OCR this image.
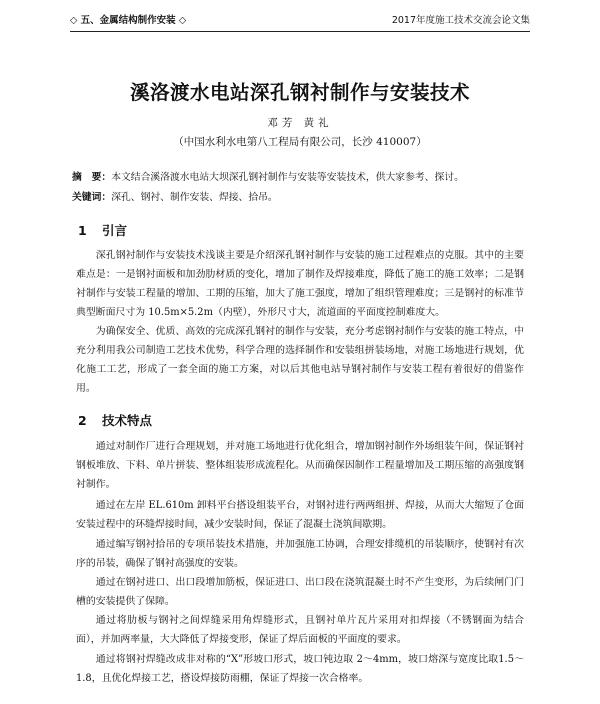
◇ 五、金属结构制作安装 ◇	2017年度施工技术交流会论文集
溪洛渡水电站深孔钢衬制作与安装技术
邓芳 黄礼
（中国水利水电第八工程局有限公司，长沙 410007）
摘　要：本文结合溪洛渡水电站大坝深孔钢衬制作与安装等安装技术，供大家参考、探讨。
关键词：深孔、钢衬、制作安装、焊接、拾吊。
1 引言

深孔钢衬制作与安装技术浅谈主要是介绍深孔钢衬制作与安装的施工过程难点的克服。其中的主要难点是：一是钢衬面板和加劲肋材质的变化，增加了制作及焊接难度，降低了施工的施工效率；二是钢衬制作与安装工程量的增加、工期的压缩，加大了施工强度，增加了组织管理难度；三是钢衬的标准节典型断面尺寸为 10.5m×5.2m（内壁），外形尺寸大，流道面的平面度控制难度大。

为确保安全、优质、高效的完成深孔钢衬的制作与安装，充分考虑钢衬制作与安装的施工特点，中充分利用我公司制造工艺技术优势，科学合理的选择制作和安装组拼装场地，对施工场地进行规划，优化施工工艺，形成了一套全面的施工方案，对以后其他电站导钢衬制作与安装工程有着很好的借鉴作用。

2 技术特点

通过对制作厂进行合理规划，并对施工场地进行优化组合，增加钢衬制作外场组装午间，保证钢衬钢板堆放、下料、单片拼装、整体组装形成流程化。从而确保因制作工程量增加及工期压缩的高强度钢衬制作。

通过在左岸 EL.610m 卸料平台搭设组装平台，对钢衬进行两两组拼、焊接，从而大大缩短了仓面安装过程中的环缝焊接时间，减少安装时间，保证了混凝土浇筑间歇期。

通过编写钢衬拾吊的专项吊装技术措施，并加强施工协调，合理安排缆机的吊装顺序，使钢衬有次序的吊装，确保了钢衬高强度的安装。

通过在钢衬进口、出口段增加筋板，保证进口、出口段在浇筑混凝土时不产生变形，为后续闸门门槽的安装提供了保障。

通过将肋板与钢衬之间焊缝采用角焊缝形式，且钢衬单片瓦片采用对扣焊接（不锈钢面为结合面），并加两率量，大大降低了焊接变形，保证了焊后面板的平面度的要求。

通过将钢衬焊缝改成非对称的“X”形坡口形式，坡口钝边取 2～4mm，坡口熔深与宽度比取1.5～1.8，且优化焊接工艺，搭设焊接防雨棚，保证了焊接一次合格率。
